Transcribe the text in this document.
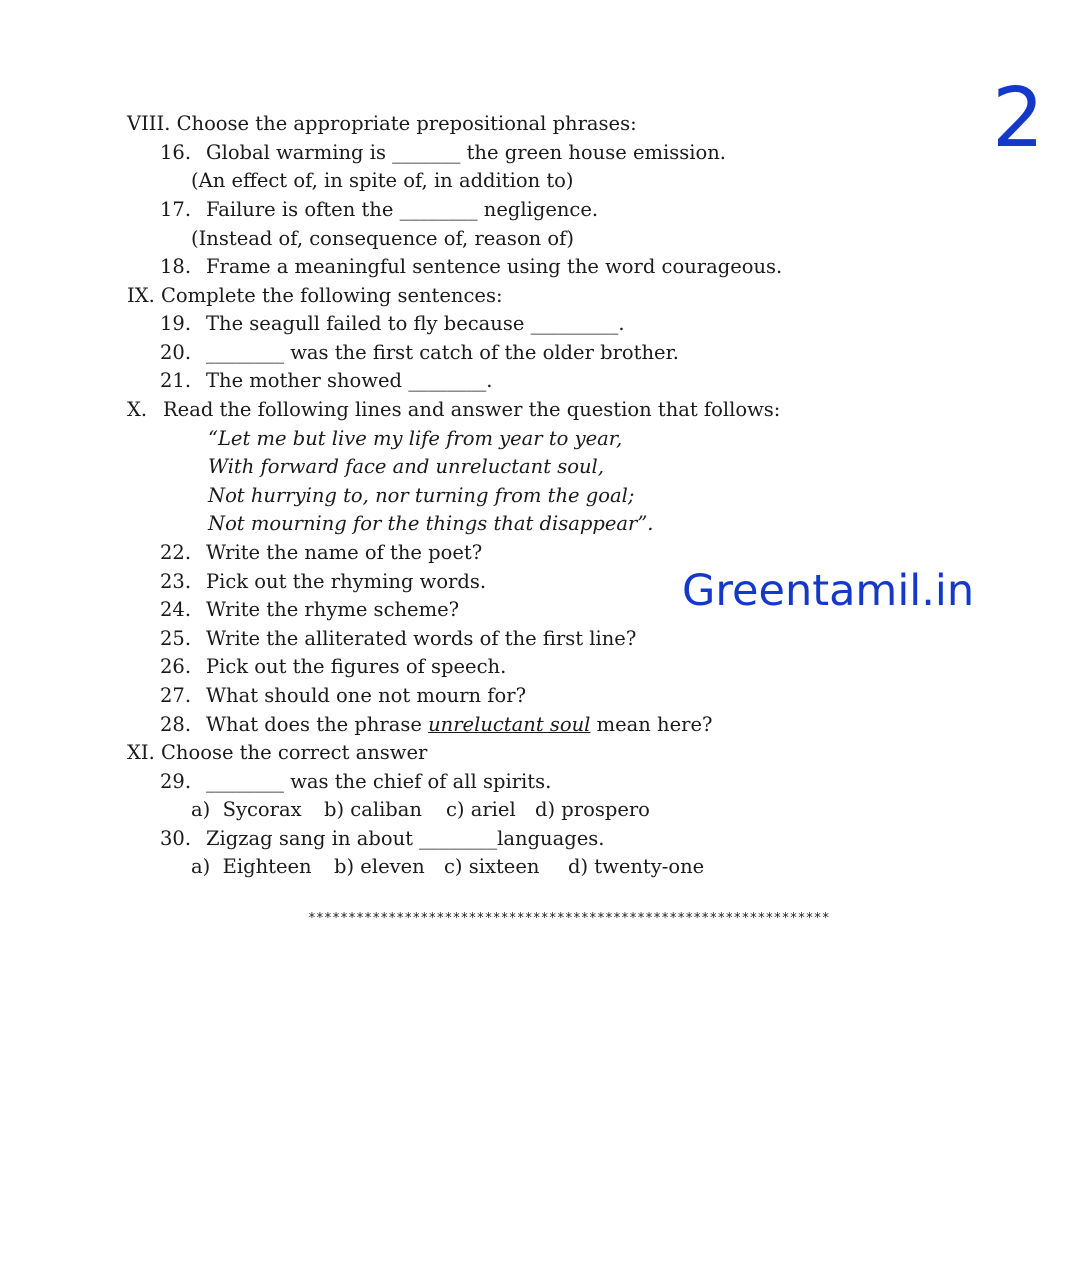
2
Greentamil.in
VIII. Choose the appropriate prepositional phrases:
16. Global warming is _______ the green house emission.
(An effect of, in spite of, in addition to)
17. Failure is often the ________ negligence.
(Instead of, consequence of, reason of)
18. Frame a meaningful sentence using the word courageous.
IX. Complete the following sentences:
19. The seagull failed to fly because _________.
20. ________ was the first catch of the older brother.
21. The mother showed ________.
X. Read the following lines and answer the question that follows:
“Let me but live my life from year to year,
With forward face and unreluctant soul,
Not hurrying to, nor turning from the goal;
Not mourning for the things that disappear”.
22. Write the name of the poet?
23. Pick out the rhyming words.
24. Write the rhyme scheme?
25. Write the alliterated words of the first line?
26. Pick out the figures of speech.
27. What should one not mourn for?
28. What does the phrase unreluctant soul mean here?
XI. Choose the correct answer
29. ________ was the chief of all spirits.
a)  Sycorax b) caliban c) ariel d) prospero
30. Zigzag sang in about ________languages.
a)  Eighteen b) eleven c) sixteen d) twenty-one
*****************************************************************
